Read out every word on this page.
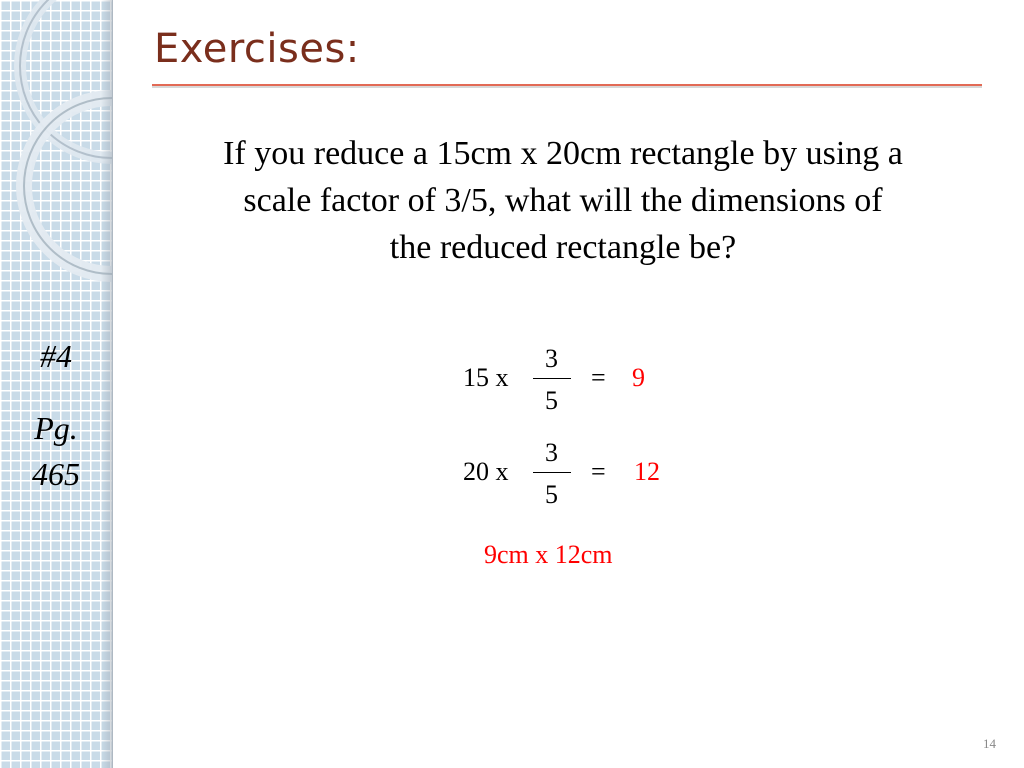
#4
Pg.
465
Exercises:
If you reduce a 15cm x 20cm rectangle by using a
scale factor of 3/5, what will the dimensions of
the reduced rectangle be?
15 x
3
5
= 9
20 x
3
5
= 12
9cm x 12cm
14
